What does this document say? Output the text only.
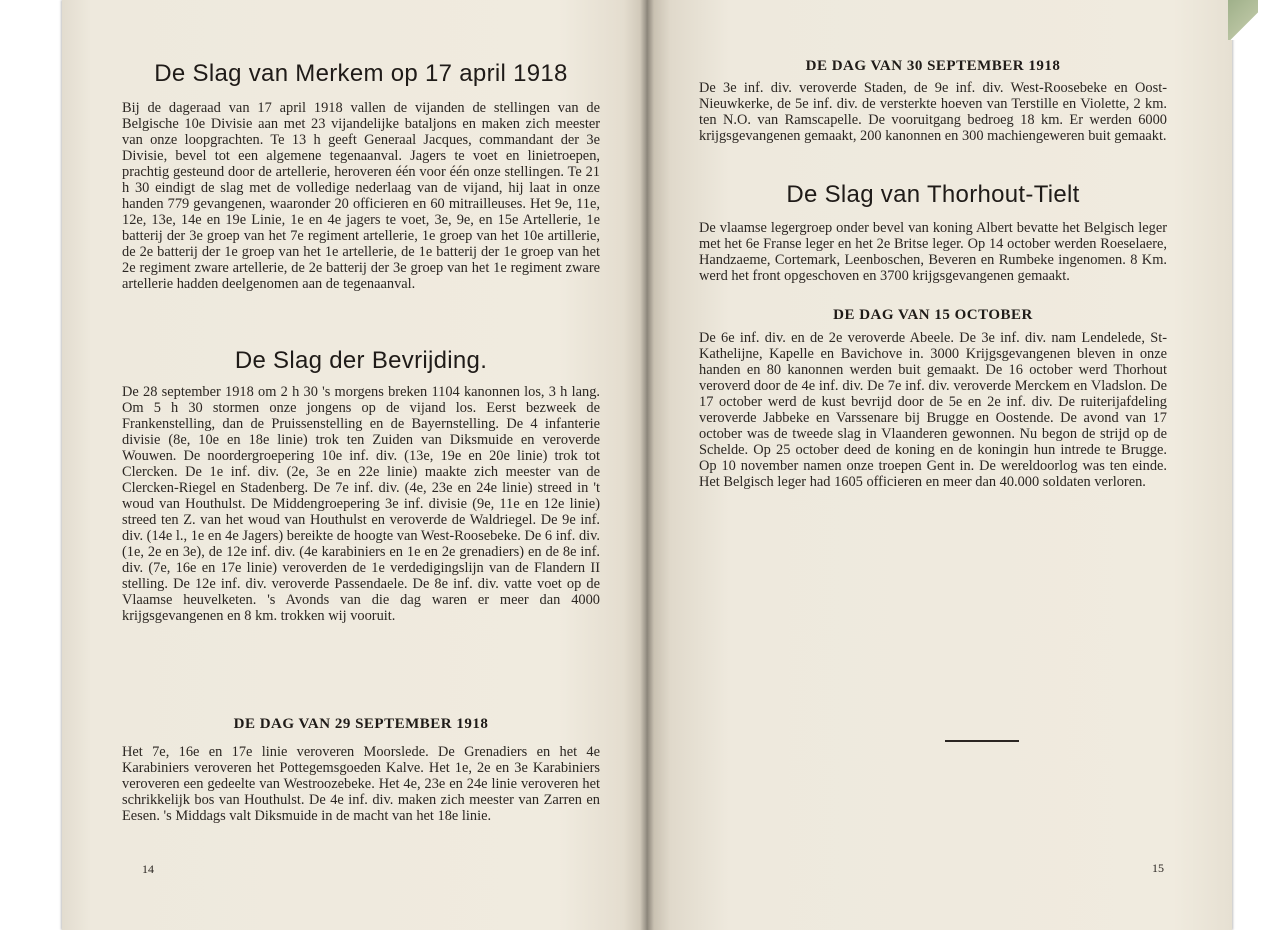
De Slag van Merkem op 17 april 1918

Bij de dageraad van 17 april 1918 vallen de vijanden de stellingen van de Belgische 10e Divisie aan met 23 vijandelijke bataljons en maken zich meester van onze loopgrachten. Te 13 h geeft Generaal Jacques, commandant der 3e Divisie, bevel tot een algemene tegenaanval. Jagers te voet en linietroepen, prachtig gesteund door de artellerie, heroveren één voor één onze stellingen. Te 21 h 30 eindigt de slag met de volledige nederlaag van de vijand, hij laat in onze handen 779 gevangenen, waaronder 20 officieren en 60 mitrailleuses. Het 9e, 11e, 12e, 13e, 14e en 19e Linie, 1e en 4e jagers te voet, 3e, 9e, en 15e Artellerie, 1e batterij der 3e groep van het 7e regiment artellerie, 1e groep van het 10e artillerie, de 2e batterij der 1e groep van het 1e artellerie, de 1e batterij der 1e groep van het 2e regiment zware artellerie, de 2e batterij der 3e groep van het 1e regiment zware artellerie hadden deelgenomen aan de tegenaanval.

De Slag der Bevrijding.

De 28 september 1918 om 2 h 30 's morgens breken 1104 kanonnen los, 3 h lang. Om 5 h 30 stormen onze jongens op de vijand los. Eerst bezweek de Frankenstelling, dan de Pruissenstelling en de Bayernstelling. De 4 infanterie divisie (8e, 10e en 18e linie) trok ten Zuiden van Diksmuide en veroverde Wouwen. De noordergroepering 10e inf. div. (13e, 19e en 20e linie) trok tot Clercken. De 1e inf. div. (2e, 3e en 22e linie) maakte zich meester van de Clercken-Riegel en Stadenberg. De 7e inf. div. (4e, 23e en 24e linie) streed in 't woud van Houthulst. De Middengroepering 3e inf. divisie (9e, 11e en 12e linie) streed ten Z. van het woud van Houthulst en veroverde de Waldriegel. De 9e inf. div. (14e l., 1e en 4e Jagers) bereikte de hoogte van West-Roosebeke. De 6 inf. div. (1e, 2e en 3e), de 12e inf. div. (4e karabiniers en 1e en 2e grenadiers) en de 8e inf. div. (7e, 16e en 17e linie) veroverden de 1e verdedigingslijn van de Flandern II stelling. De 12e inf. div. veroverde Passendaele. De 8e inf. div. vatte voet op de Vlaamse heuvelketen. 's Avonds van die dag waren er meer dan 4000 krijgsgevangenen en 8 km. trokken wij vooruit.

DE DAG VAN 29 SEPTEMBER 1918

Het 7e, 16e en 17e linie veroveren Moorslede. De Grenadiers en het 4e Karabiniers veroveren het Pottegemsgoeden Kalve. Het 1e, 2e en 3e Karabiniers veroveren een gedeelte van Westroozebeke. Het 4e, 23e en 24e linie veroveren het schrikkelijk bos van Houthulst. De 4e inf. div. maken zich meester van Zarren en Eesen. 's Middags valt Diksmuide in de macht van het 18e linie.

14
DE DAG VAN 30 SEPTEMBER 1918

De 3e inf. div. veroverde Staden, de 9e inf. div. West-Roosebeke en Oost-Nieuwkerke, de 5e inf. div. de versterkte hoeven van Terstille en Violette, 2 km. ten N.O. van Ramscapelle. De vooruitgang bedroeg 18 km. Er werden 6000 krijgsgevangenen gemaakt, 200 kanonnen en 300 machiengeweren buit gemaakt.

De Slag van Thorhout-Tielt

De vlaamse legergroep onder bevel van koning Albert bevatte het Belgisch leger met het 6e Franse leger en het 2e Britse leger. Op 14 october werden Roeselaere, Handzaeme, Cortemark, Leenboschen, Beveren en Rumbeke ingenomen. 8 Km. werd het front opgeschoven en 3700 krijgsgevangenen gemaakt.

DE DAG VAN 15 OCTOBER

De 6e inf. div. en de 2e veroverde Abeele. De 3e inf. div. nam Lendelede, St-Kathelijne, Kapelle en Bavichove in. 3000 Krijgsgevangenen bleven in onze handen en 80 kanonnen werden buit gemaakt. De 16 october werd Thorhout veroverd door de 4e inf. div. De 7e inf. div. veroverde Merckem en Vladslon. De 17 october werd de kust bevrijd door de 5e en 2e inf. div. De ruiterijafdeling veroverde Jabbeke en Varssenare bij Brugge en Oostende. De avond van 17 october was de tweede slag in Vlaanderen gewonnen. Nu begon de strijd op de Schelde. Op 25 october deed de koning en de koningin hun intrede te Brugge. Op 10 november namen onze troepen Gent in. De wereldoorlog was ten einde. Het Belgisch leger had 1605 officieren en meer dan 40.000 soldaten verloren.

15
